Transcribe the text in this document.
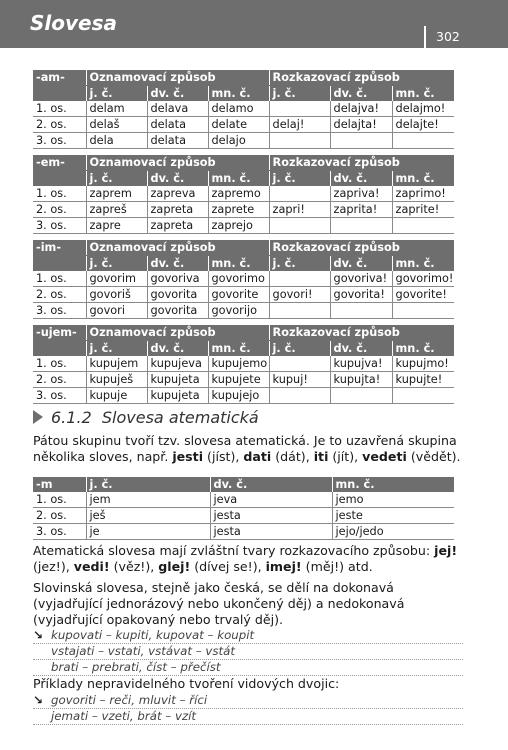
Slovesa
302
-am-	Oznamovací způsob			Rozkazovací způsob		
	j. č.	dv. č.	mn. č.	j. č.	dv. č.	mn. č.
1. os.	delam	delava	delamo		delajva!	delajmo!
2. os.	delaš	delata	delate	delaj!	delajta!	delajte!
3. os.	dela	delata	delajo			
-em-	Oznamovací způsob			Rozkazovací způsob		
	j. č.	dv. č.	mn. č.	j. č.	dv. č.	mn. č.
1. os.	zaprem	zapreva	zapremo		zapriva!	zaprimo!
2. os.	zapreš	zapreta	zaprete	zapri!	zaprita!	zaprite!
3. os.	zapre	zapreta	zaprejo			
-im-	Oznamovací způsob			Rozkazovací způsob		
	j. č.	dv. č.	mn. č.	j. č.	dv. č.	mn. č.
1. os.	govorim	govoriva	govorimo		govoriva!	govorimo!
2. os.	govoriš	govorita	govorite	govori!	govorita!	govorite!
3. os.	govori	govorita	govorijo			
-ujem-	Oznamovací způsob			Rozkazovací způsob		
	j. č.	dv. č.	mn. č.	j. č.	dv. č.	mn. č.
1. os.	kupujem	kupujeva	kupujemo		kupujva!	kupujmo!
2. os.	kupuješ	kupujeta	kupujete	kupuj!	kupujta!	kupujte!
3. os.	kupuje	kupujeta	kupujejo			
6.1.2 Slovesa atematická
Pátou skupinu tvoří tzv. slovesa atematická. Je to uzavřená skupina několika sloves, např. jesti (jíst), dati (dát), iti (jít), vedeti (vědět).
-m	j. č.	dv. č.	mn. č.
1. os.	jem	jeva	jemo
2. os.	ješ	jesta	jeste
3. os.	je	jesta	jejo/jedo
Atematická slovesa mají zvláštní tvary rozkazovacího způsobu: jej! (jez!), vedi! (věz!), glej! (dívej se!), imej! (měj!) atd.
Slovinská slovesa, stejně jako česká, se dělí na dokonavá (vyjadřující jednorázový nebo ukončený děj) a nedokonavá (vyjadřující opakovaný nebo trvalý děj).
↘ kupovati – kupiti, kupovat – koupit
vstajati – vstati, vstávat – vstát
brati – prebrati, číst – přečíst
Příklady nepravidelného tvoření vidových dvojic:
↘ govoriti – reči, mluvit – říci
jemati – vzeti, brát – vzít
